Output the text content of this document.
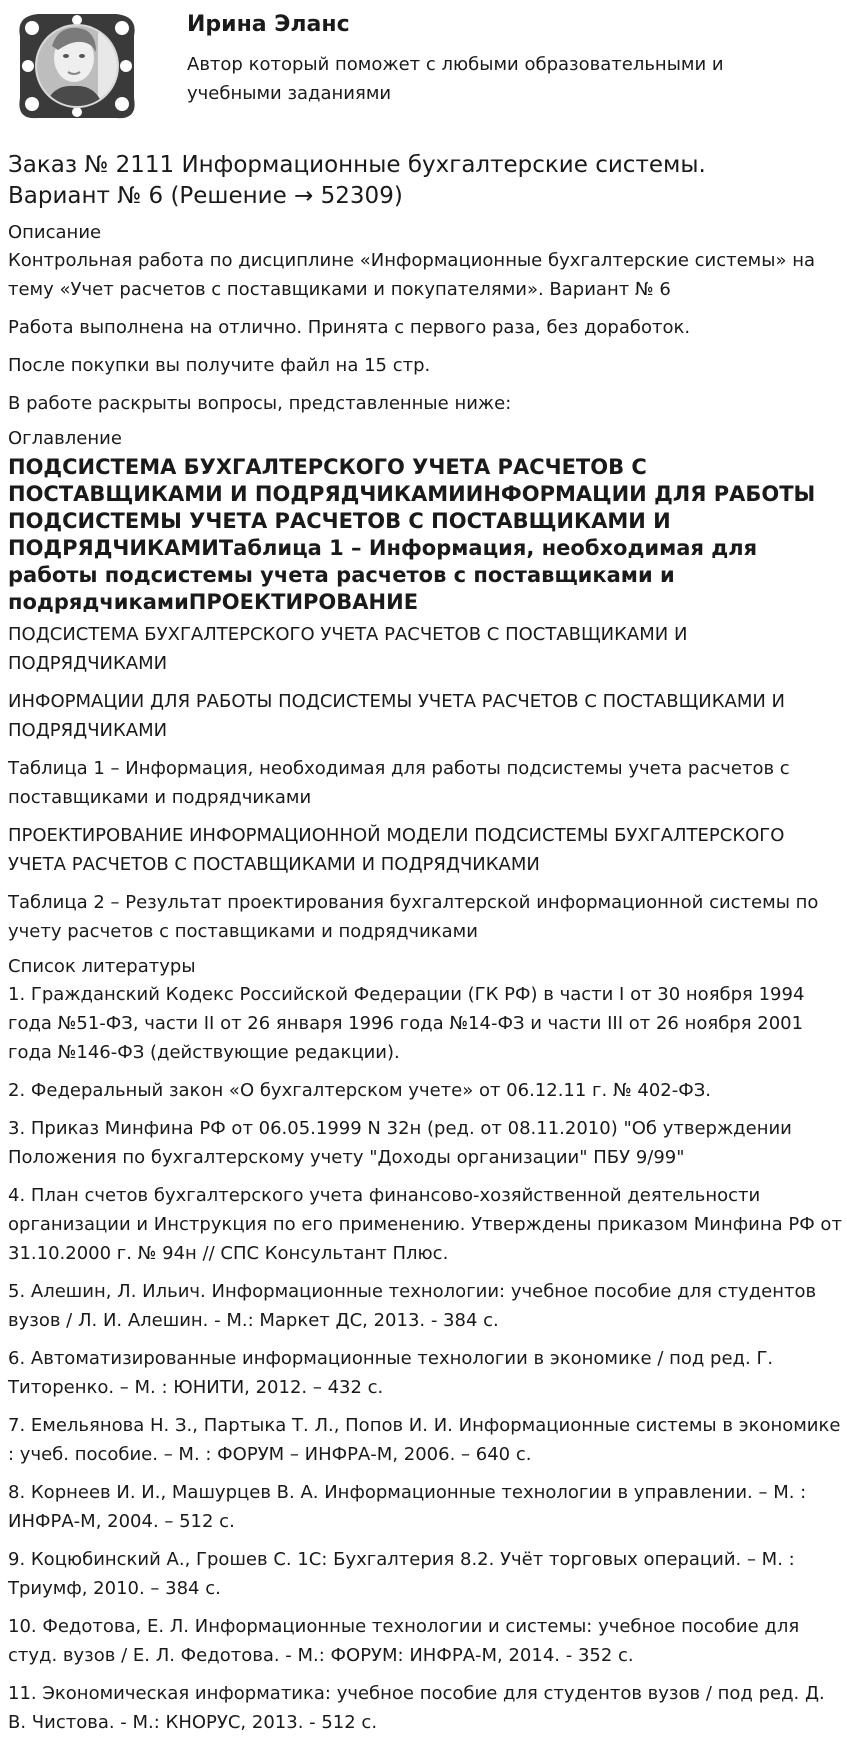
Ирина Эланс
Автор который поможет с любыми образовательными и учебными заданиями
Заказ № 2111 Информационные бухгалтерские системы.
Вариант № 6 (Решение → 52309)
Описание

Контрольная работа по дисциплине «Информационные бухгалтерские системы» на тему «Учет расчетов с поставщиками и покупателями». Вариант № 6

Работа выполнена на отлично. Принята с первого раза, без доработок.

После покупки вы получите файл на 15 стр.

В работе раскрыты вопросы, представленные ниже:

Оглавление
ПОДСИСТЕМА БУХГАЛТЕРСКОГО УЧЕТА РАСЧЕТОВ С ПОСТАВЩИКАМИ И ПОДРЯДЧИКАМИИНФОРМАЦИИ ДЛЯ РАБОТЫ ПОДСИСТЕМЫ УЧЕТА РАСЧЕТОВ С ПОСТАВЩИКАМИ И ПОДРЯДЧИКАМИТаблица 1 – Информация, необходимая для работы подсистемы учета расчетов с поставщиками и подрядчикамиПРОЕКТИРОВАНИЕ

ПОДСИСТЕМА БУХГАЛТЕРСКОГО УЧЕТА РАСЧЕТОВ С ПОСТАВЩИКАМИ И ПОДРЯДЧИКАМИ

ИНФОРМАЦИИ ДЛЯ РАБОТЫ ПОДСИСТЕМЫ УЧЕТА РАСЧЕТОВ С ПОСТАВЩИКАМИ И ПОДРЯДЧИКАМИ

Таблица 1 – Информация, необходимая для работы подсистемы учета расчетов с поставщиками и подрядчиками

ПРОЕКТИРОВАНИЕ ИНФОРМАЦИОННОЙ МОДЕЛИ ПОДСИСТЕМЫ БУХГАЛТЕРСКОГО УЧЕТА РАСЧЕТОВ С ПОСТАВЩИКАМИ И ПОДРЯДЧИКАМИ

Таблица 2 – Результат проектирования бухгалтерской информационной системы по учету расчетов с поставщиками и подрядчиками

Список литературы
1. Гражданский Кодекс Российской Федерации (ГК РФ) в части I от 30 ноября 1994 года №51-ФЗ, части II от 26 января 1996 года №14-ФЗ и части III от 26 ноября 2001 года №146-ФЗ (действующие редакции).
2. Федеральный закон «О бухгалтерском учете» от 06.12.11 г. № 402-ФЗ.
3. Приказ Минфина РФ от 06.05.1999 N 32н (ред. от 08.11.2010) "Об утверждении Положения по бухгалтерскому учету "Доходы организации" ПБУ 9/99"
4. План счетов бухгалтерского учета финансово-хозяйственной деятельности организации и Инструкция по его применению. Утверждены приказом Минфина РФ от 31.10.2000 г. № 94н // СПС Консультант Плюс.
5. Алешин, Л. Ильич. Информационные технологии: учебное пособие для студентов вузов / Л. И. Алешин. - М.: Маркет ДС, 2013. - 384 с.
6. Автоматизированные информационные технологии в экономике / под ред. Г. Титоренко. – М. : ЮНИТИ, 2012. – 432 с.
7. Емельянова Н. З., Партыка Т. Л., Попов И. И. Информационные системы в экономике : учеб. пособие. – М. : ФОРУМ – ИНФРА-М, 2006. – 640 с.
8. Корнеев И. И., Машурцев В. А. Информационные технологии в управлении. – М. : ИНФРА-М, 2004. – 512 с.
9. Коцюбинский А., Грошев С. 1С: Бухгалтерия 8.2. Учёт торговых операций. – М. : Триумф, 2010. – 384 с.
10. Федотова, Е. Л. Информационные технологии и системы: учебное пособие для студ. вузов / Е. Л. Федотова. - М.: ФОРУМ: ИНФРА-М, 2014. - 352 с.
11. Экономическая информатика: учебное пособие для студентов вузов / под ред. Д. В. Чистова. - М.: КНОРУС, 2013. - 512 с.
